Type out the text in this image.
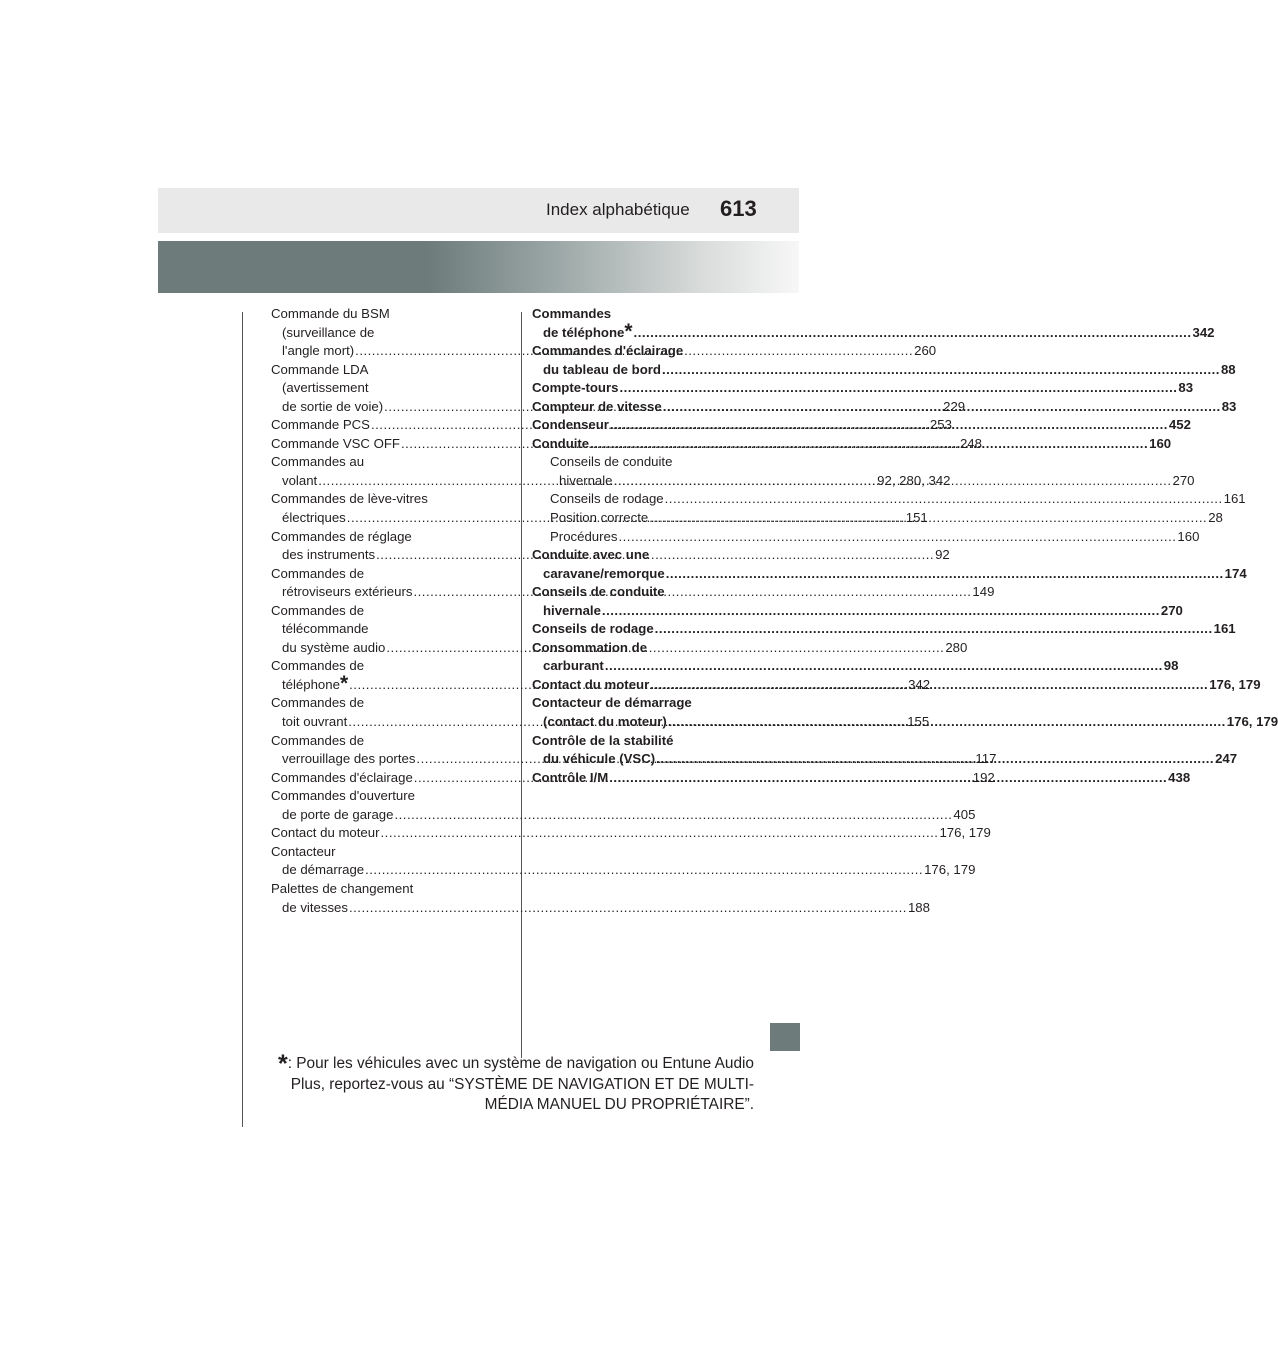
Index alphabétique 613
Commande du BSM
(surveillance de
l'angle mort) .....	260
Commande LDA
(avertissement
de sortie de voie) .....	229
Commande PCS .....	253
Commande VSC OFF .....	248
Commandes au
volant .....	92, 280, 342
Commandes de lève-vitres
électriques .....	151
Commandes de réglage
des instruments .....	92
Commandes de
rétroviseurs extérieurs .....	149
Commandes de
télécommande
du système audio .....	280
Commandes de
téléphone* .....	342
Commandes de
toit ouvrant .....	155
Commandes de
verrouillage des portes .....	117
Commandes d'éclairage .....	192
Commandes d'ouverture
de porte de garage .....	405
Contact du moteur .....	176, 179
Contacteur
de démarrage .....	176, 179
Palettes de changement
de vitesses .....	188
Commandes
de téléphone* .....	342
Commandes d'éclairage
du tableau de bord .....	88
Compte-tours .....	83
Compteur de vitesse .....	83
Condenseur .....	452
Conduite .....	160
Conseils de conduite
hivernale .....	270
Conseils de rodage .....	161
Position correcte .....	28
Procédures .....	160
Conduite avec une
caravane/remorque .....	174
Conseils de conduite
hivernale .....	270
Conseils de rodage .....	161
Consommation de
carburant .....	98
Contact du moteur .....	176, 179
Contacteur de démarrage
(contact du moteur) .....	176, 179
Contrôle de la stabilité
du véhicule (VSC) .....	247
Contrôle I/M .....	438
*: Pour les véhicules avec un système de navigation ou Entune Audio
Plus, reportez-vous au “SYSTÈME DE NAVIGATION ET DE MULTI-
MÉDIA MANUEL DU PROPRIÉTAIRE”.
